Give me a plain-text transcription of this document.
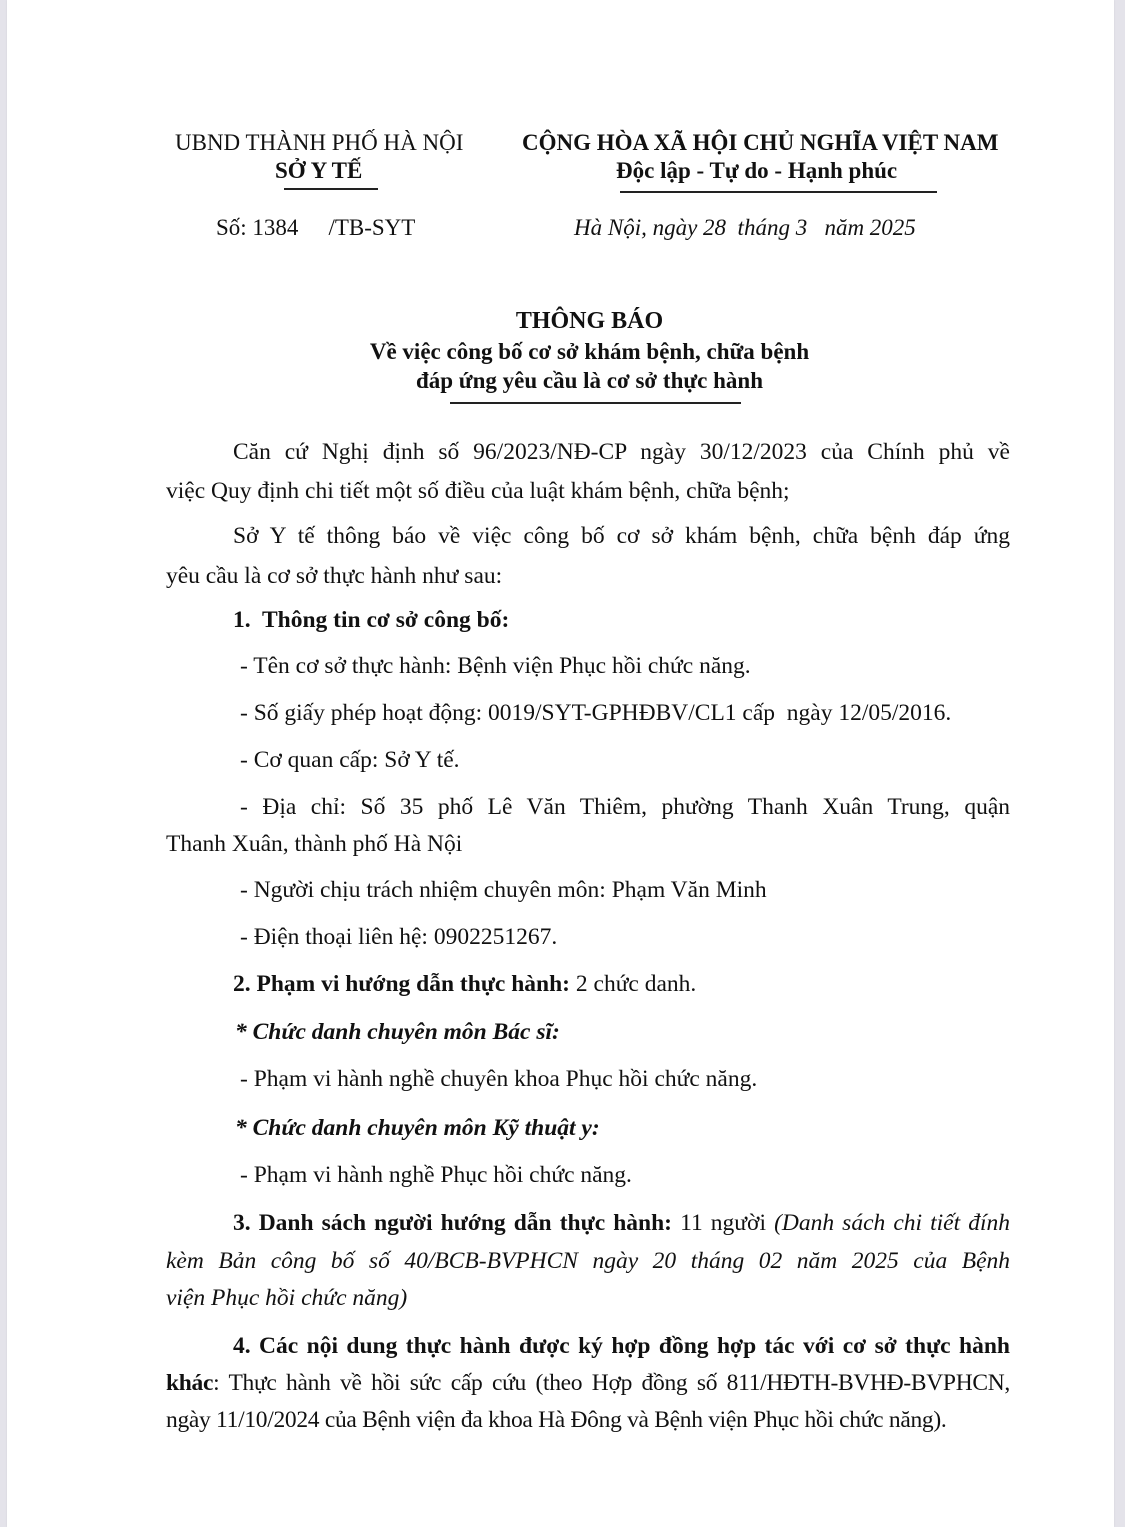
UBND THÀNH PHỐ HÀ NỘI
SỞ Y TẾ
CỘNG HÒA XÃ HỘI CHỦ NGHĨA VIỆT NAM
Độc lập - Tự do - Hạnh phúc
Số: 1384 /TB-SYT	Hà Nội, ngày 28  tháng 3   năm 2025
THÔNG BÁO
Về việc công bố cơ sở khám bệnh, chữa bệnh
đáp ứng yêu cầu là cơ sở thực hành
Căn cứ Nghị định số 96/2023/NĐ-CP ngày 30/12/2023 của Chính phủ về
việc Quy định chi tiết một số điều của luật khám bệnh, chữa bệnh;
Sở Y tế thông báo về việc công bố cơ sở khám bệnh, chữa bệnh đáp ứng
yêu cầu là cơ sở thực hành như sau:
1.  Thông tin cơ sở công bố:
- Tên cơ sở thực hành: Bệnh viện Phục hồi chức năng.
- Số giấy phép hoạt động: 0019/SYT-GPHĐBV/CL1 cấp  ngày 12/05/2016.
- Cơ quan cấp: Sở Y tế.
- Địa chỉ: Số 35 phố Lê Văn Thiêm, phường Thanh Xuân Trung, quận
Thanh Xuân, thành phố Hà Nội
- Người chịu trách nhiệm chuyên môn: Phạm Văn Minh
- Điện thoại liên hệ: 0902251267.
2. Phạm vi hướng dẫn thực hành: 2 chức danh.
* Chức danh chuyên môn Bác sĩ:
- Phạm vi hành nghề chuyên khoa Phục hồi chức năng.
* Chức danh chuyên môn Kỹ thuật y:
- Phạm vi hành nghề Phục hồi chức năng.
3. Danh sách người hướng dẫn thực hành: 11 người (Danh sách chi tiết đính
kèm Bản công bố số 40/BCB-BVPHCN ngày 20 tháng 02 năm 2025 của Bệnh
viện Phục hồi chức năng)
4. Các nội dung thực hành được ký hợp đồng hợp tác với cơ sở thực hành
khác: Thực hành về hồi sức cấp cứu (theo Hợp đồng số 811/HĐTH-BVHĐ-BVPHCN,
ngày 11/10/2024 của Bệnh viện đa khoa Hà Đông và Bệnh viện Phục hồi chức năng).
